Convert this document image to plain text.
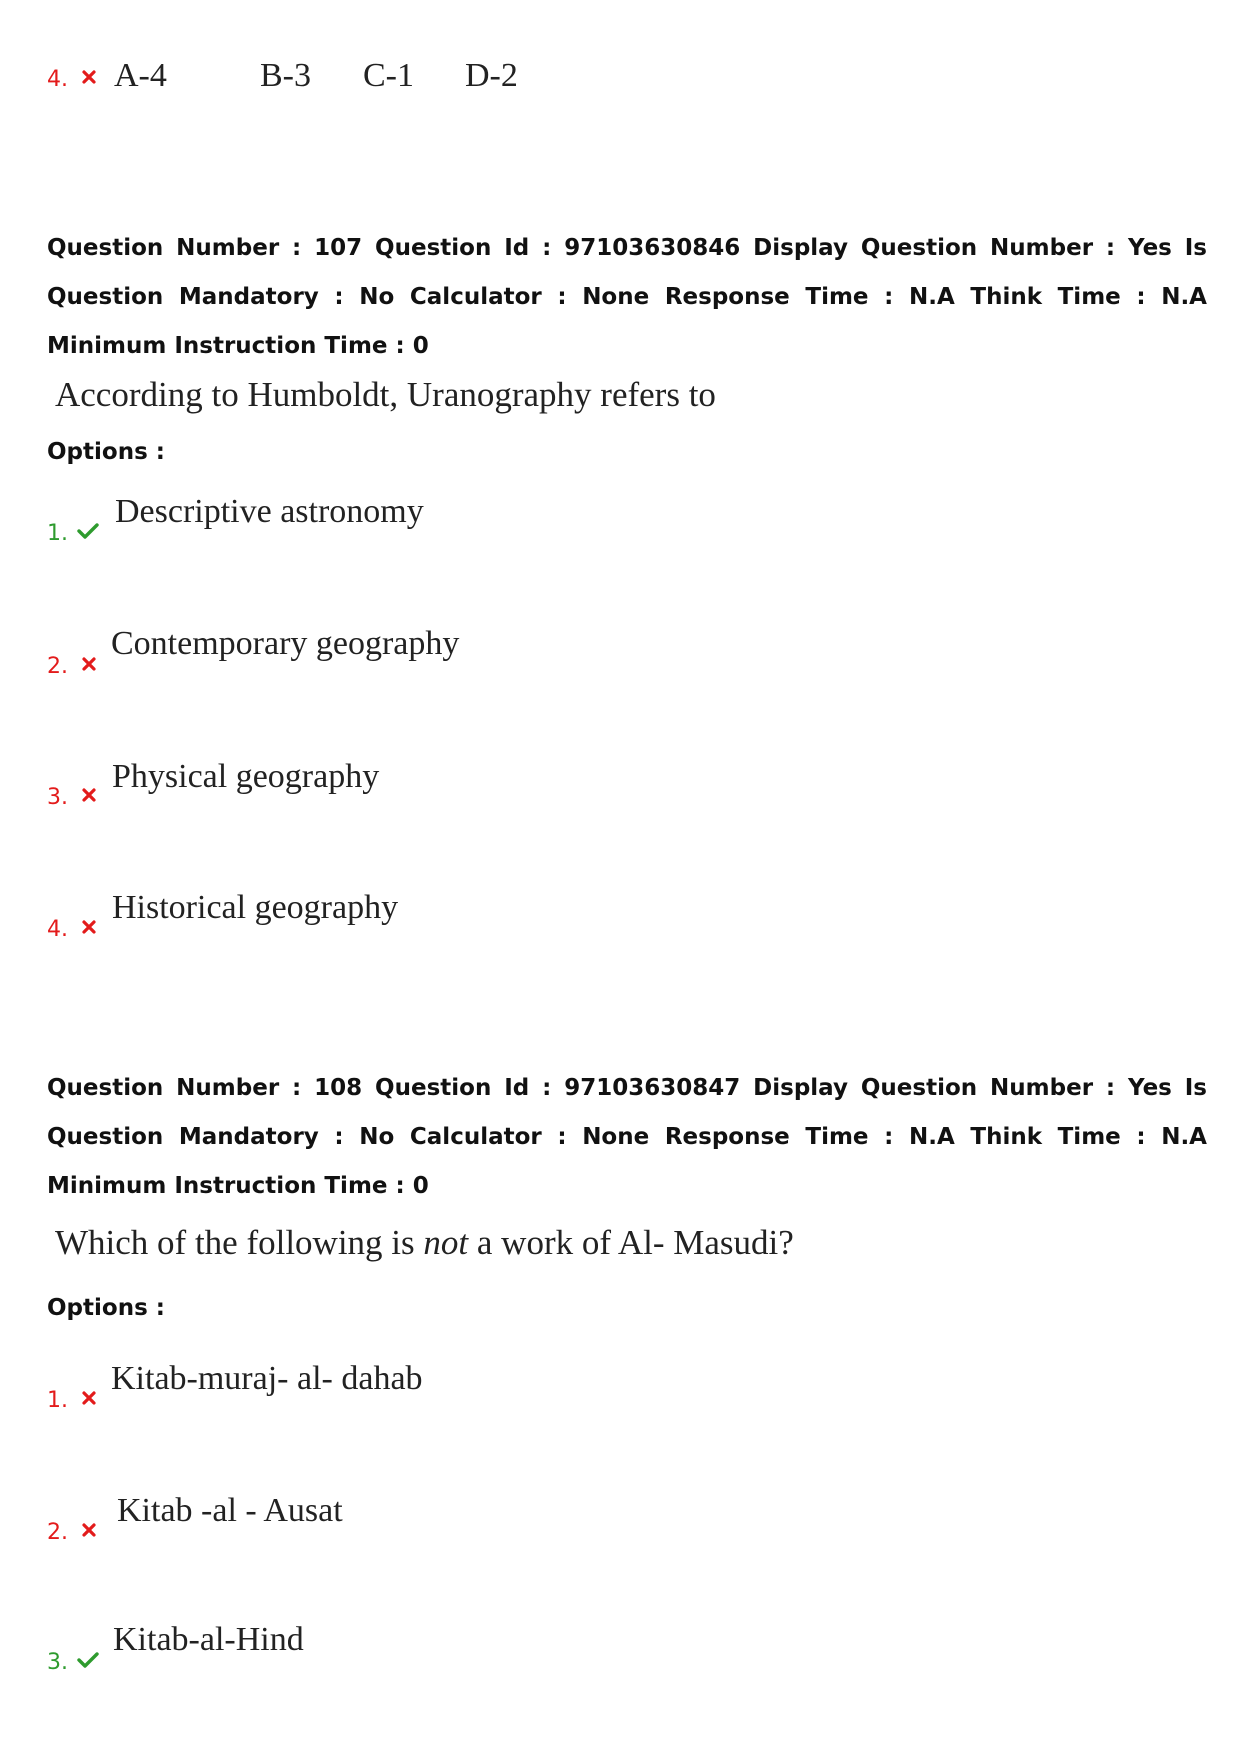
4. A-4	B-3 C-1 D-2
Question Number : 107 Question Id : 97103630846 Display Question Number : Yes Is Question Mandatory : No Calculator : None Response Time : N.A Think Time : N.A Minimum Instruction Time : 0
According to Humboldt, Uranography refers to
Options :
1.
Descriptive astronomy
2.
Contemporary geography
3.
Physical geography
4.
Historical geography
Question Number : 108 Question Id : 97103630847 Display Question Number : Yes Is Question Mandatory : No Calculator : None Response Time : N.A Think Time : N.A Minimum Instruction Time : 0
Which of the following is not a work of Al- Masudi?
Options :
1.
Kitab-muraj- al- dahab
2.
Kitab -al - Ausat
3.
Kitab-al-Hind
